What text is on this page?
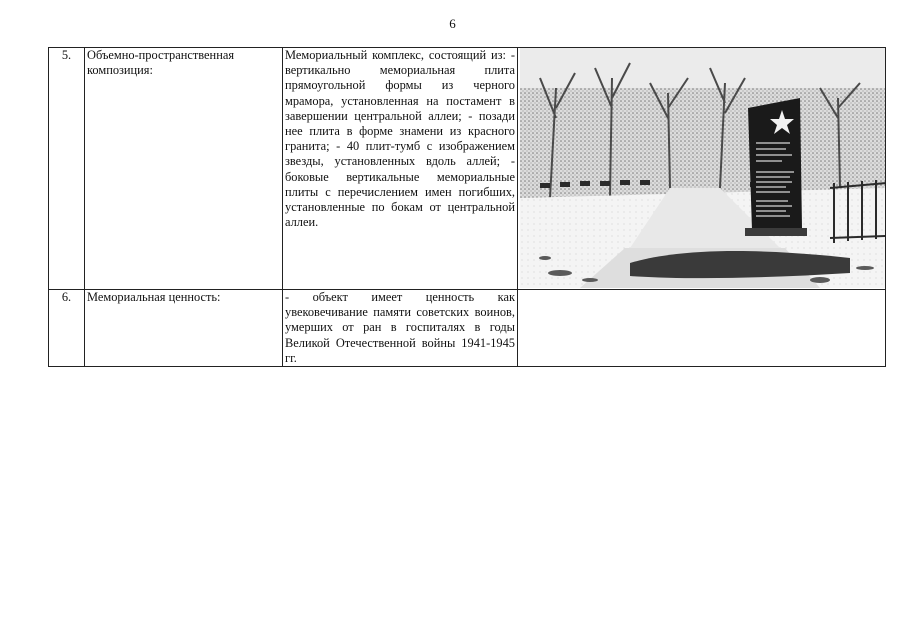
6
5.	Объемно-пространственная композиция:	Мемориальный комплекс, состоящий из: - вертикально мемориальная плита прямоугольной формы из черного мрамора, установленная на постамент в завершении центральной аллеи; - позади нее плита в форме знамени из красного гранита; - 40 плит-тумб с изображением звезды, установленных вдоль аллей; - боковые вертикальные мемориальные плиты с перечислением имен погибших, установленные по бокам от центральной аллеи.	

6.	Мемориальная ценность:	- объект имеет ценность как увековечивание памяти советских воинов, умерших от ран в госпиталях в годы Великой Отечественной войны 1941-1945 гг.	
